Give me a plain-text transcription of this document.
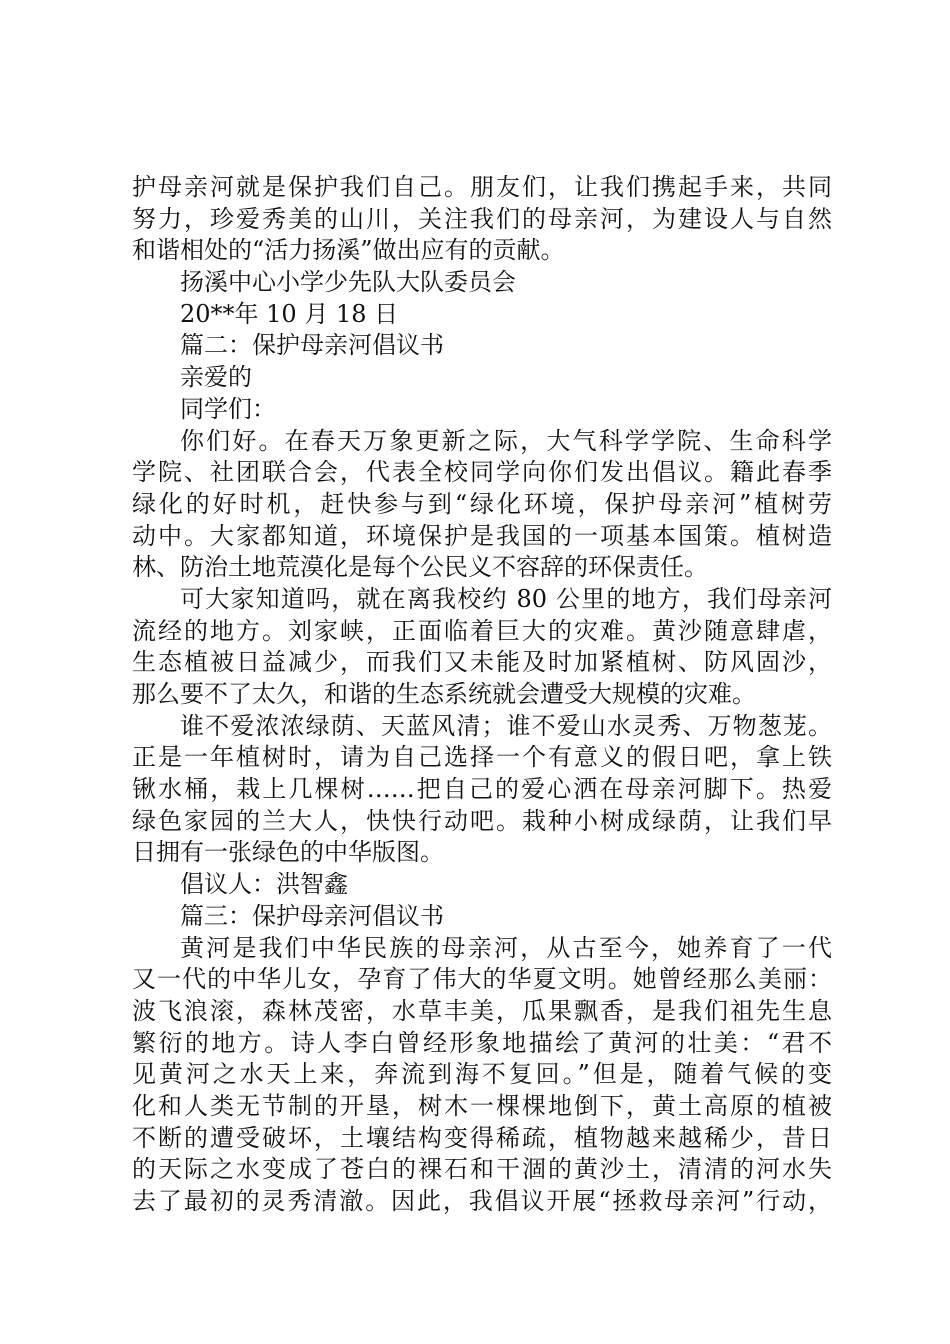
护母亲河就是保护我们自己。朋友们，让我们携起手来，共同
努力，珍爱秀美的山川，关注我们的母亲河，为建设人与自然
和谐相处的“活力扬溪”做出应有的贡献。
扬溪中心小学少先队大队委员会
20**年 10 月 18 日
篇二：保护母亲河倡议书
亲爱的
同学们：
你们好。在春天万象更新之际，大气科学学院、生命科学
学院、社团联合会，代表全校同学向你们发出倡议。籍此春季
绿化的好时机，赶快参与到“绿化环境，保护母亲河”植树劳
动中。大家都知道，环境保护是我国的一项基本国策。植树造
林、防治土地荒漠化是每个公民义不容辞的环保责任。
可大家知道吗，就在离我校约 80 公里的地方，我们母亲河
流经的地方。刘家峡，正面临着巨大的灾难。黄沙随意肆虐，
生态植被日益减少，而我们又未能及时加紧植树、防风固沙，
那么要不了太久，和谐的生态系统就会遭受大规模的灾难。
谁不爱浓浓绿荫、天蓝风清；谁不爱山水灵秀、万物葱茏。
正是一年植树时，请为自己选择一个有意义的假日吧，拿上铁
锹水桶，栽上几棵树……把自己的爱心洒在母亲河脚下。热爱
绿色家园的兰大人，快快行动吧。栽种小树成绿荫，让我们早
日拥有一张绿色的中华版图。
倡议人：洪智鑫
篇三：保护母亲河倡议书
黄河是我们中华民族的母亲河，从古至今，她养育了一代
又一代的中华儿女，孕育了伟大的华夏文明。她曾经那么美丽：
波飞浪滚，森林茂密，水草丰美，瓜果飘香，是我们祖先生息
繁衍的地方。诗人李白曾经形象地描绘了黄河的壮美：“君不
见黄河之水天上来，奔流到海不复回。”但是，随着气候的变
化和人类无节制的开垦，树木一棵棵地倒下，黄土高原的植被
不断的遭受破坏，土壤结构变得稀疏，植物越来越稀少，昔日
的天际之水变成了苍白的裸石和干涸的黄沙土，清清的河水失
去了最初的灵秀清澈。因此，我倡议开展“拯救母亲河”行动，
